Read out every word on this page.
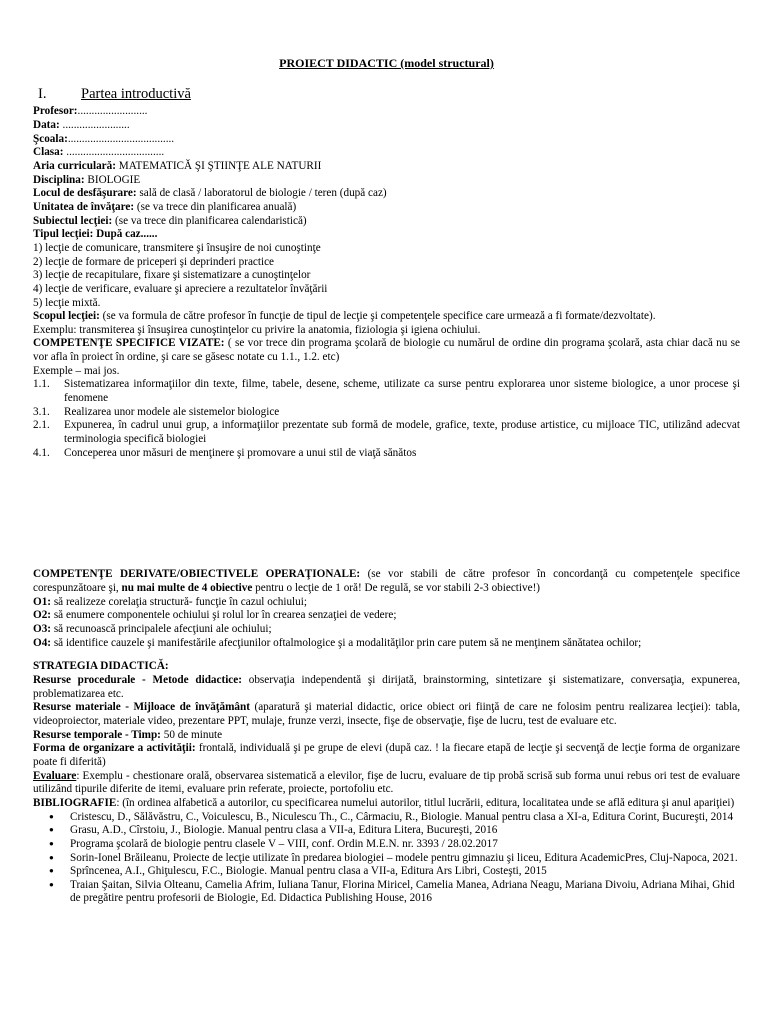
PROIECT DIDACTIC (model structural)

I.	Partea introductivă

Profesor:.........................

Data: ........................

Şcoala:......................................

Clasa: ...................................

Aria curriculară: MATEMATICĂ ŞI ŞTIINŢE ALE NATURII

Disciplina: BIOLOGIE

Locul de desfăşurare: sală de clasă / laboratorul de biologie / teren (după caz)

Unitatea de învăţare: (se va trece din planificarea anuală)

Subiectul lecţiei: (se va trece din planificarea calendaristică)

Tipul lecţiei: După caz......

1) lecţie de comunicare, transmitere şi însuşire de noi cunoştinţe

2) lecţie de formare de priceperi şi deprinderi practice

3) lecţie de recapitulare, fixare şi sistematizare a cunoştinţelor

4) lecţie de verificare, evaluare şi apreciere a rezultatelor învăţării

5) lecţie mixtă.

Scopul lecţiei: (se va formula de către profesor în funcţie de tipul de lecţie şi competenţele specifice care urmează a fi formate/dezvoltate).

Exemplu: transmiterea şi însuşirea cunoştinţelor cu privire la anatomia, fiziologia şi igiena ochiului.

COMPETENŢE SPECIFICE VIZATE: ( se vor trece din programa şcolară de biologie cu numărul de ordine din programa şcolară, asta chiar dacă nu se vor afla în proiect în ordine, şi care se găsesc notate cu 1.1., 1.2. etc)

Exemple – mai jos.

1.1.	Sistematizarea informaţiilor din texte, filme, tabele, desene, scheme, utilizate ca surse pentru explorarea unor sisteme biologice, a unor procese şi fenomene
3.1.	Realizarea unor modele ale sistemelor biologice
2.1.	Expunerea, în cadrul unui grup, a informaţiilor prezentate sub formă de modele, grafice, texte, produse artistice, cu mijloace TIC, utilizând adecvat terminologia specifică biologiei
4.1.	Conceperea unor măsuri de menţinere şi promovare a unui stil de viaţă sănătos

COMPETENŢE DERIVATE/OBIECTIVELE OPERAŢIONALE: (se vor stabili de către profesor în concordanţă cu competenţele specifice corespunzătoare şi, nu mai multe de 4 obiective pentru o lecţie de 1 oră! De regulă, se vor stabili 2-3 obiective!)

O1: să realizeze corelaţia structură- funcţie în cazul ochiului;

O2: să enumere componentele ochiului şi rolul lor în crearea senzaţiei de vedere;

O3: să recunoască principalele afecţiuni ale ochiului;

O4: să identifice cauzele şi manifestările afecţiunilor oftalmologice şi a modalităţilor prin care putem să ne menţinem sănătatea ochilor;

STRATEGIA DIDACTICĂ:

Resurse procedurale - Metode didactice: observaţia independentă şi dirijată, brainstorming, sintetizare şi sistematizare, conversaţia, expunerea, problematizarea etc.

Resurse materiale - Mijloace de învăţământ (aparatură şi material didactic, orice obiect ori fiinţă de care ne folosim pentru realizarea lecţiei): tabla, videoproiector, materiale video, prezentare PPT, mulaje, frunze verzi, insecte, fişe de observaţie, fişe de lucru, test de evaluare etc.

Resurse temporale - Timp: 50 de minute

Forma de organizare a activităţii: frontală, individuală şi pe grupe de elevi (după caz. ! la fiecare etapă de lecţie şi secvenţă de lecţie forma de organizare poate fi diferită)

Evaluare: Exemplu - chestionare orală, observarea sistematică a elevilor, fişe de lucru, evaluare de tip probă scrisă sub forma unui rebus ori test de evaluare utilizând tipurile diferite de itemi, evaluare prin referate, proiecte, portofoliu etc.

BIBLIOGRAFIE: (în ordinea alfabetică a autorilor, cu specificarea numelui autorilor, titlul lucrării, editura, localitatea unde se află editura şi anul apariţiei)

●
Cristescu, D., Sălăvăstru, C., Voiculescu, B., Niculescu Th., C., Cârmaciu, R., Biologie. Manual pentru clasa a XI-a, Editura Corint, Bucureşti, 2014
●
Grasu, A.D., Cîrstoiu, J., Biologie. Manual pentru clasa a VII-a, Editura Litera, Bucureşti, 2016
●
Programa şcolară de biologie pentru clasele V – VIII, conf. Ordin M.E.N. nr. 3393 / 28.02.2017
●
Sorin-Ionel Brăileanu, Proiecte de lecţie utilizate în predarea biologiei – modele pentru gimnaziu şi liceu, Editura AcademicPres, Cluj-Napoca, 2021.
●
Sprîncenea, A.I., Ghiţulescu, F.C., Biologie. Manual pentru clasa a VII-a, Editura Ars Libri, Costeşti, 2015
●
Traian Şaitan, Silvia Olteanu, Camelia Afrim, Iuliana Tanur, Florina Miricel, Camelia Manea, Adriana Neagu, Mariana Divoiu, Adriana Mihai, Ghid de pregătire pentru profesorii de Biologie, Ed. Didactica Publishing House, 2016
